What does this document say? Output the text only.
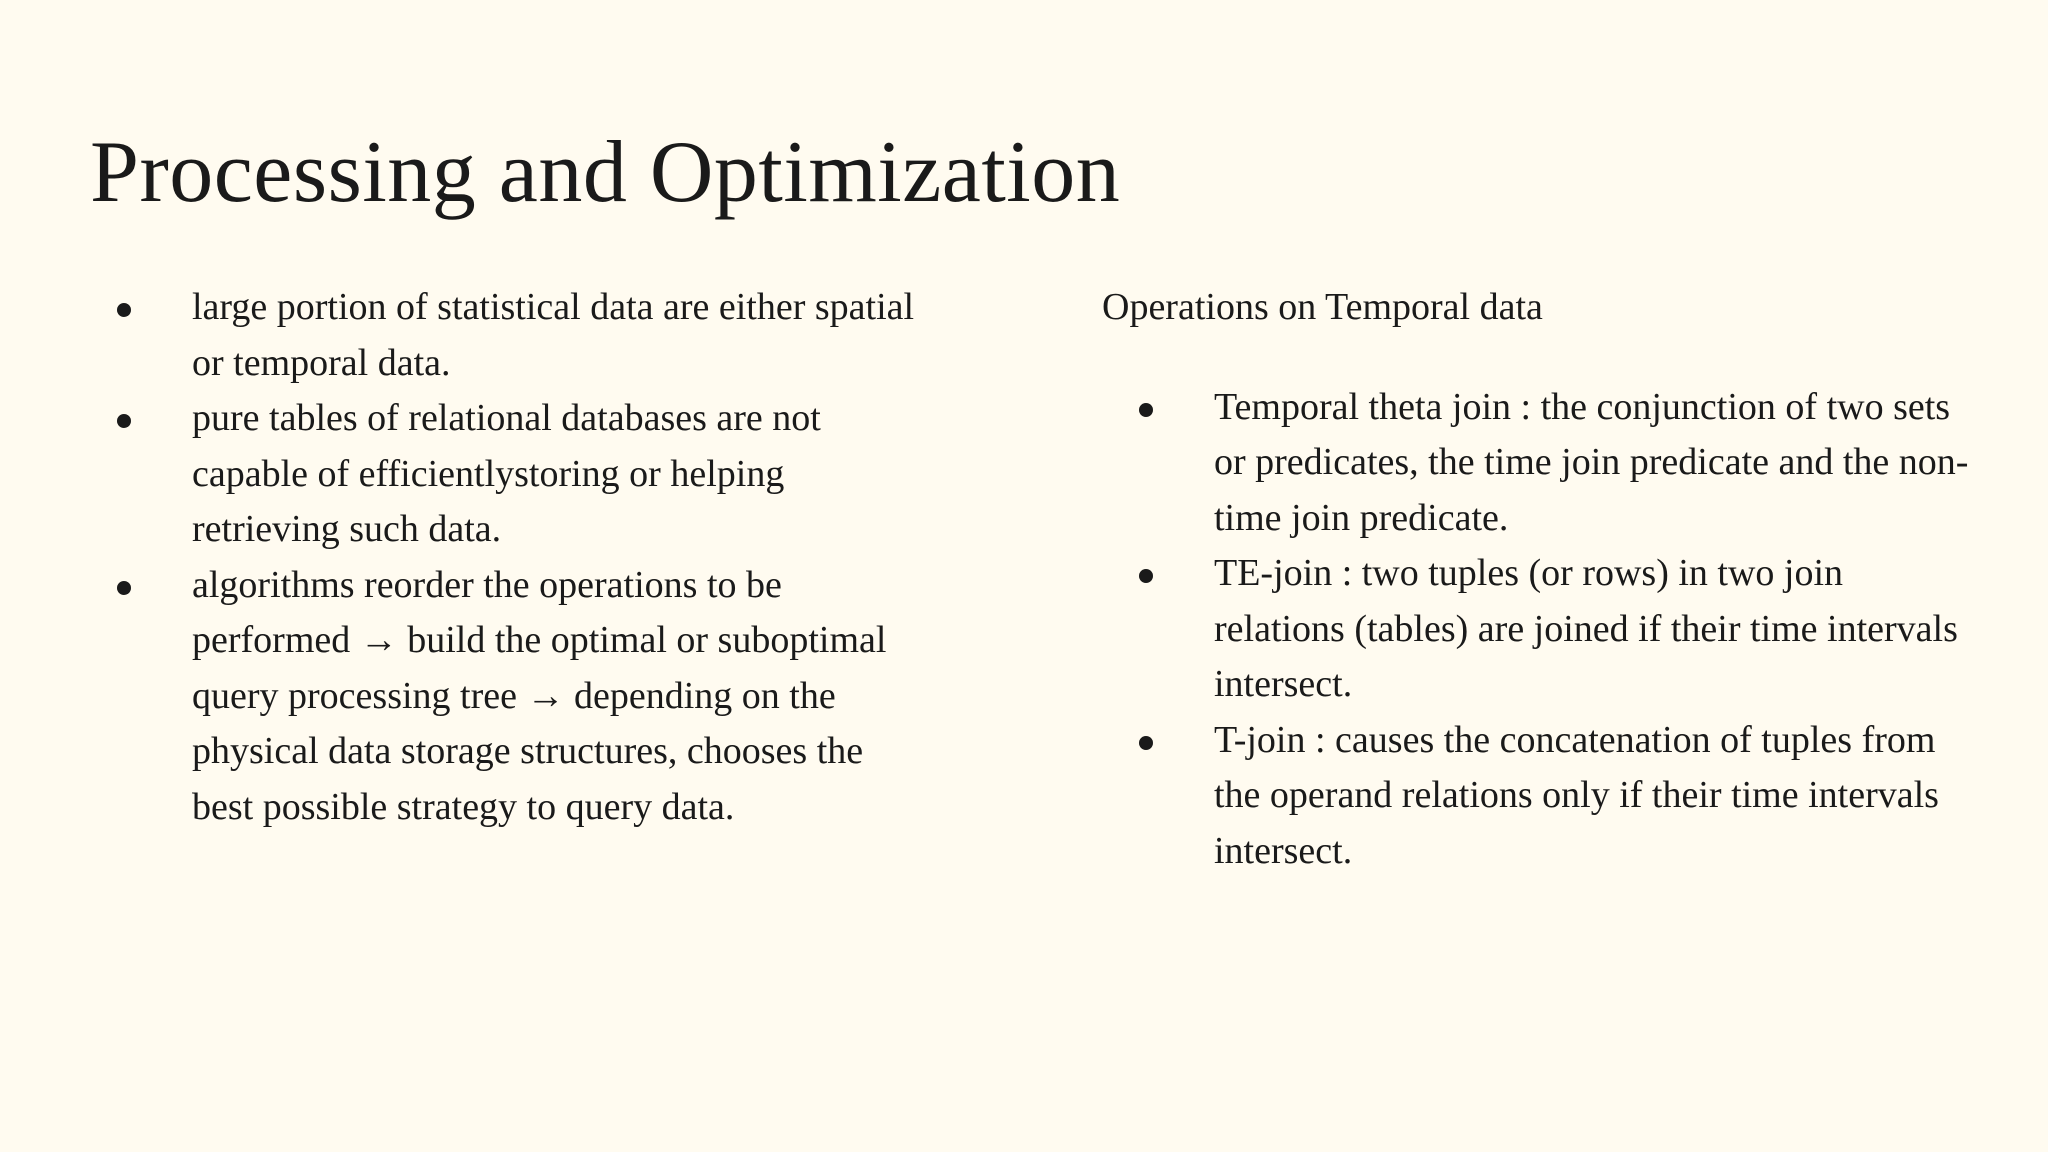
Processing and Optimization
large portion of statistical data are either spatial or temporal data.
pure tables of relational databases are not capable of efficientlystoring or helping retrieving such data.
algorithms reorder the operations to be performed → build the optimal or suboptimal query processing tree → depending on the physical data storage structures, chooses the best possible strategy to query data.

Operations on Temporal data

Temporal theta join : the conjunction of two sets or predicates, the time join predicate and the non-time join predicate.
TE-join : two tuples (or rows) in two join relations (tables) are joined if their time intervals intersect.
T-join : causes the concatenation of tuples from the operand relations only if their time intervals intersect.
